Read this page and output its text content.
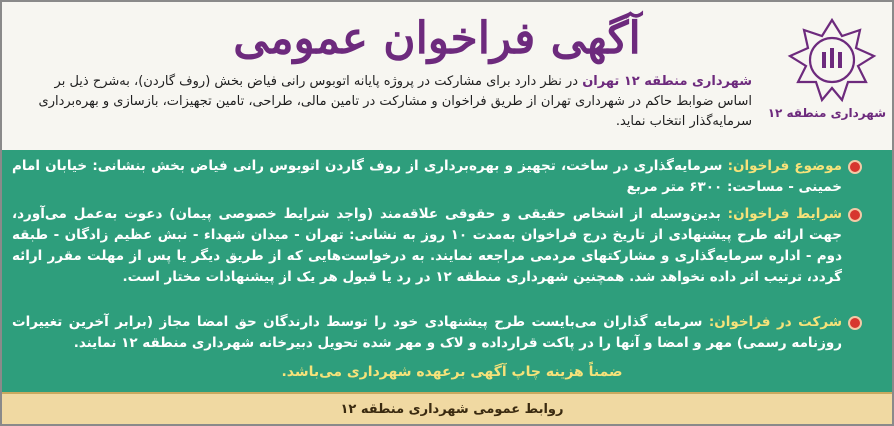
آگهی فراخوان عمومی
شهرداری منطقه ۱۲ تهران در نظر دارد برای مشارکت در پروژه پایانه اتوبوس رانی فیاض بخش (روف گاردن)، به‌شرح ذیل بر اساس ضوابط حاکم در شهرداری تهران از طریق فراخوان و مشارکت در تامین مالی، طراحی، تامین تجهیزات، بازسازی و بهره‌برداری سرمایه‌گذار انتخاب نماید.
شهرداری منطقه ۱۲
موضوع فراخوان: سرمایه‌گذاری در ساخت، تجهیز و بهره‌برداری از روف گاردن اتوبوس رانی فیاض بخش بنشانی: خیابان امام خمینی - مساحت: ۶۳۰۰ متر مربع
شرایط فراخوان: بدین‌وسیله از اشخاص حقیقی و حقوقی علاقه‌مند (واجد شرایط خصوصی پیمان) دعوت به‌عمل می‌آورد، جهت ارائه طرح پیشنهادی از تاریخ درج فراخوان به‌مدت ۱۰ روز به نشانی: تهران - میدان شهداء - نبش عظیم زادگان - طبقه دوم - اداره سرمایه‌گذاری و مشارکتهای مردمی مراجعه نمایند. به درخواست‌هایی که از طریق دیگر یا پس از مهلت مقرر ارائه گردد، ترتیب اثر داده نخواهد شد. همچنین شهرداری منطقه ۱۲ در رد یا قبول هر یک از پیشنهادات مختار است.
شرکت در فراخوان: سرمایه گذاران می‌بایست طرح پیشنهادی خود را توسط دارندگان حق امضا مجاز (برابر آخرین تغییرات روزنامه رسمی) مهر و امضا و آنها را در پاکت قرارداده و لاک و مهر شده تحویل دبیرخانه شهرداری منطقه ۱۲ نمایند.
ضمناً هزینه چاپ آگهی برعهده شهرداری می‌باشد.
روابط عمومی شهرداری منطقه ۱۲
